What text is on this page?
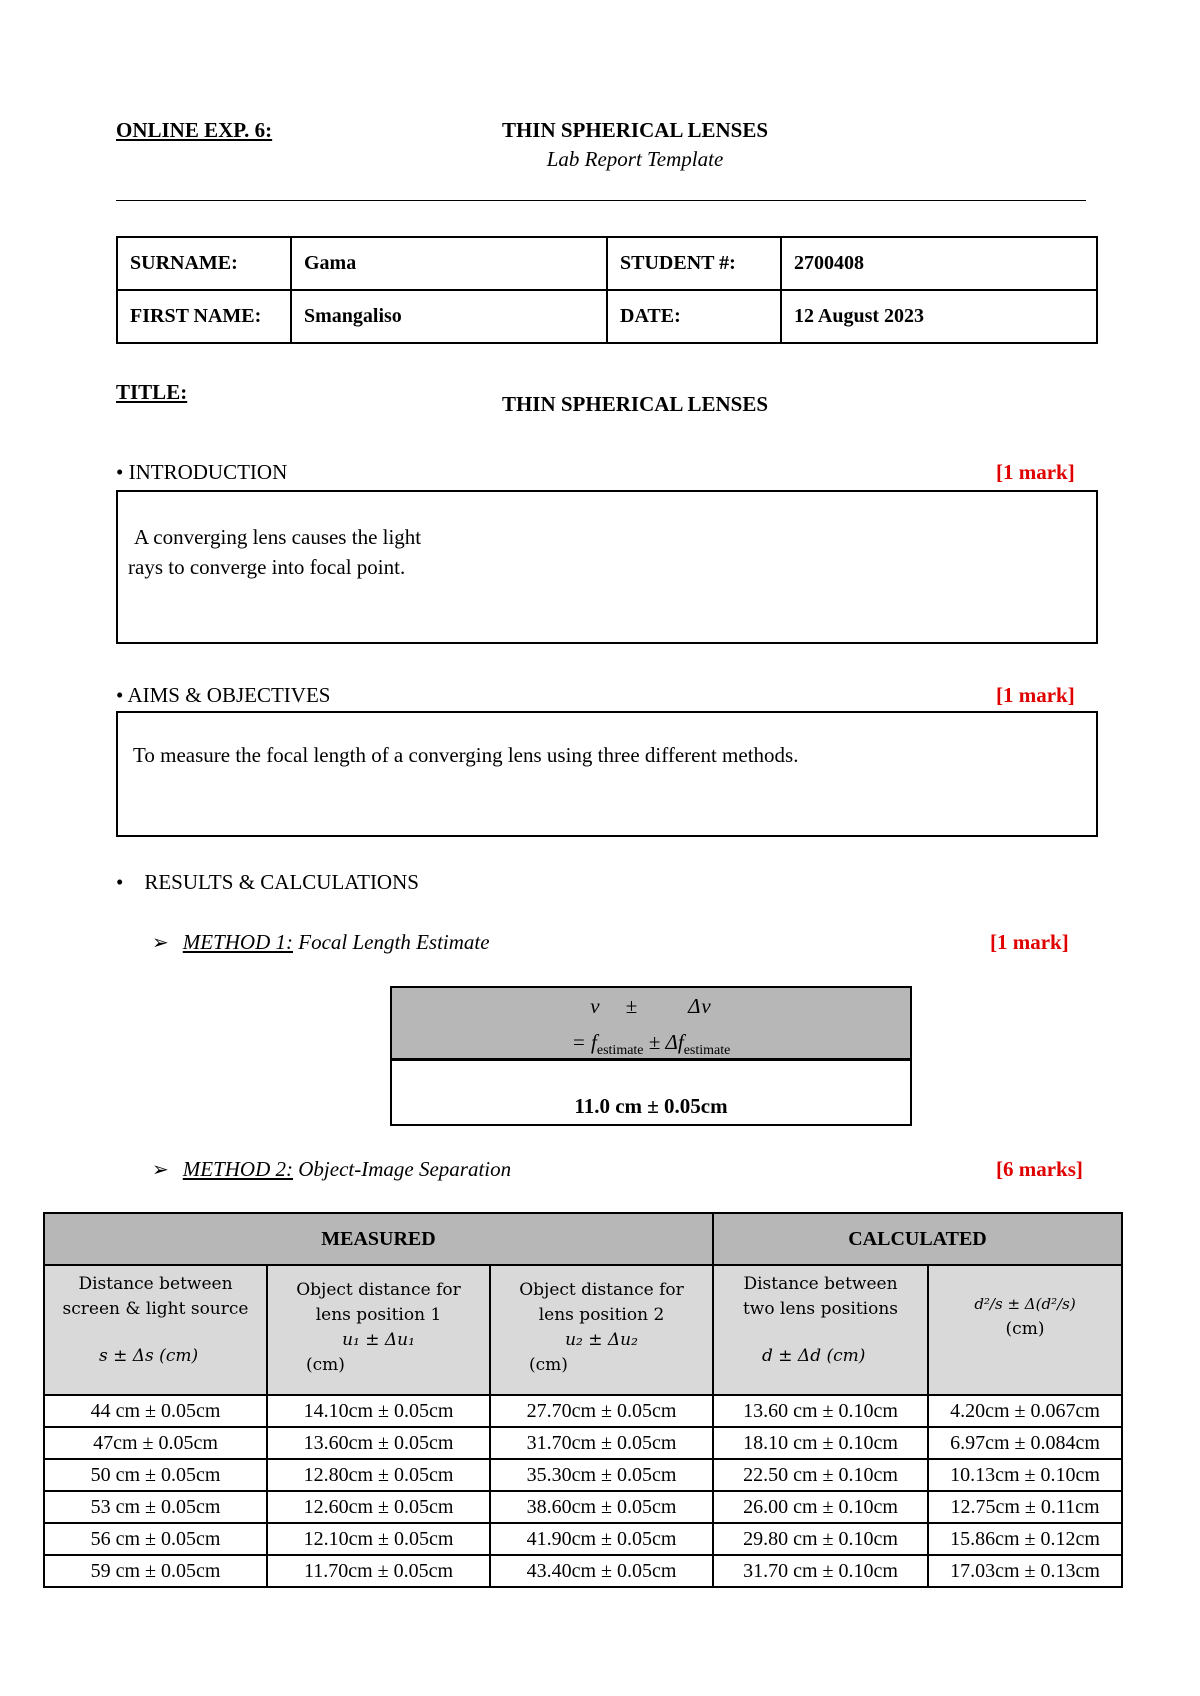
ONLINE EXP. 6:	THIN SPHERICAL LENSES
Lab Report Template
SURNAME:	Gama	STUDENT #:	2700408
FIRST NAME:	Smangaliso	DATE:	12 August 2023
TITLE:	THIN SPHERICAL LENSES
• INTRODUCTION	[1 mark]
A converging lens causes the light
rays to converge into focal point.
• AIMS & OBJECTIVES	[1 mark]
To measure the focal length of a converging lens using three different methods.
•    RESULTS & CALCULATIONS
➢ METHOD 1: Focal Length Estimate	[1 mark]
v    ±        Δv
= $f_{estimate} \pm \Delta f_{estimate}$
11.0 cm ± 0.05cm
➢ METHOD 2: Object-Image Separation	[6 marks]
MEASURED			CALCULATED	

Distance between
screen & light source
s ± Δs (cm)	Object distance for
lens position 1
u₁ ± Δu₁
(cm)	Object distance for
lens position 2
u₂ ± Δu₂
(cm)	Distance between
two lens positions
d ± Δd (cm)	d²/s ± Δ(d²/s)
(cm)

44 cm ± 0.05cm	14.10cm ± 0.05cm	27.70cm ± 0.05cm	13.60 cm ± 0.10cm	4.20cm ± 0.067cm
47cm ± 0.05cm	13.60cm ± 0.05cm	31.70cm ± 0.05cm	18.10 cm ± 0.10cm	6.97cm ± 0.084cm
50 cm ± 0.05cm	12.80cm ± 0.05cm	35.30cm ± 0.05cm	22.50 cm ± 0.10cm	10.13cm ± 0.10cm
53 cm ± 0.05cm	12.60cm ± 0.05cm	38.60cm ± 0.05cm	26.00 cm ± 0.10cm	12.75cm ± 0.11cm
56 cm ± 0.05cm	12.10cm ± 0.05cm	41.90cm ± 0.05cm	29.80 cm ± 0.10cm	15.86cm ± 0.12cm
59 cm ± 0.05cm	11.70cm ± 0.05cm	43.40cm ± 0.05cm	31.70 cm ± 0.10cm	17.03cm ± 0.13cm
